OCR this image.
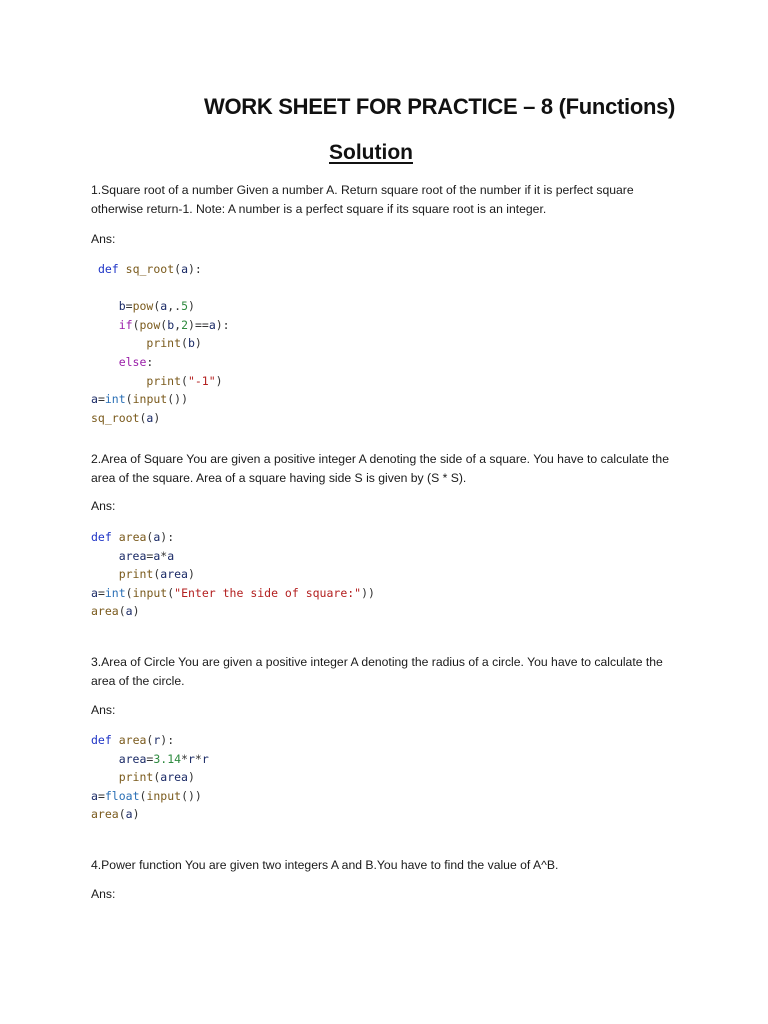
WORK SHEET FOR PRACTICE – 8 (Functions)
Solution
1.Square root of a number Given a number A. Return square root of the number if it is perfect square otherwise return-1. Note: A number is a perfect square if its square root is an integer.
Ans:
def sq_root(a):

b=pow(a,.5)
if(pow(b,2)==a):
print(b)
else:
print("-1")
a=int(input())
sq_root(a)
2.Area of Square You are given a positive integer A denoting the side of a square. You have to calculate the area of the square. Area of a square having side S is given by (S * S).
Ans:
def area(a):
area=a*a
print(area)
a=int(input("Enter the side of square:"))
area(a)
3.Area of Circle You are given a positive integer A denoting the radius of a circle. You have to calculate the area of the circle.
Ans:
def area(r):
area=3.14*r*r
print(area)
a=float(input())
area(a)
4.Power function You are given two integers A and B.You have to find the value of A^B.
Ans:
